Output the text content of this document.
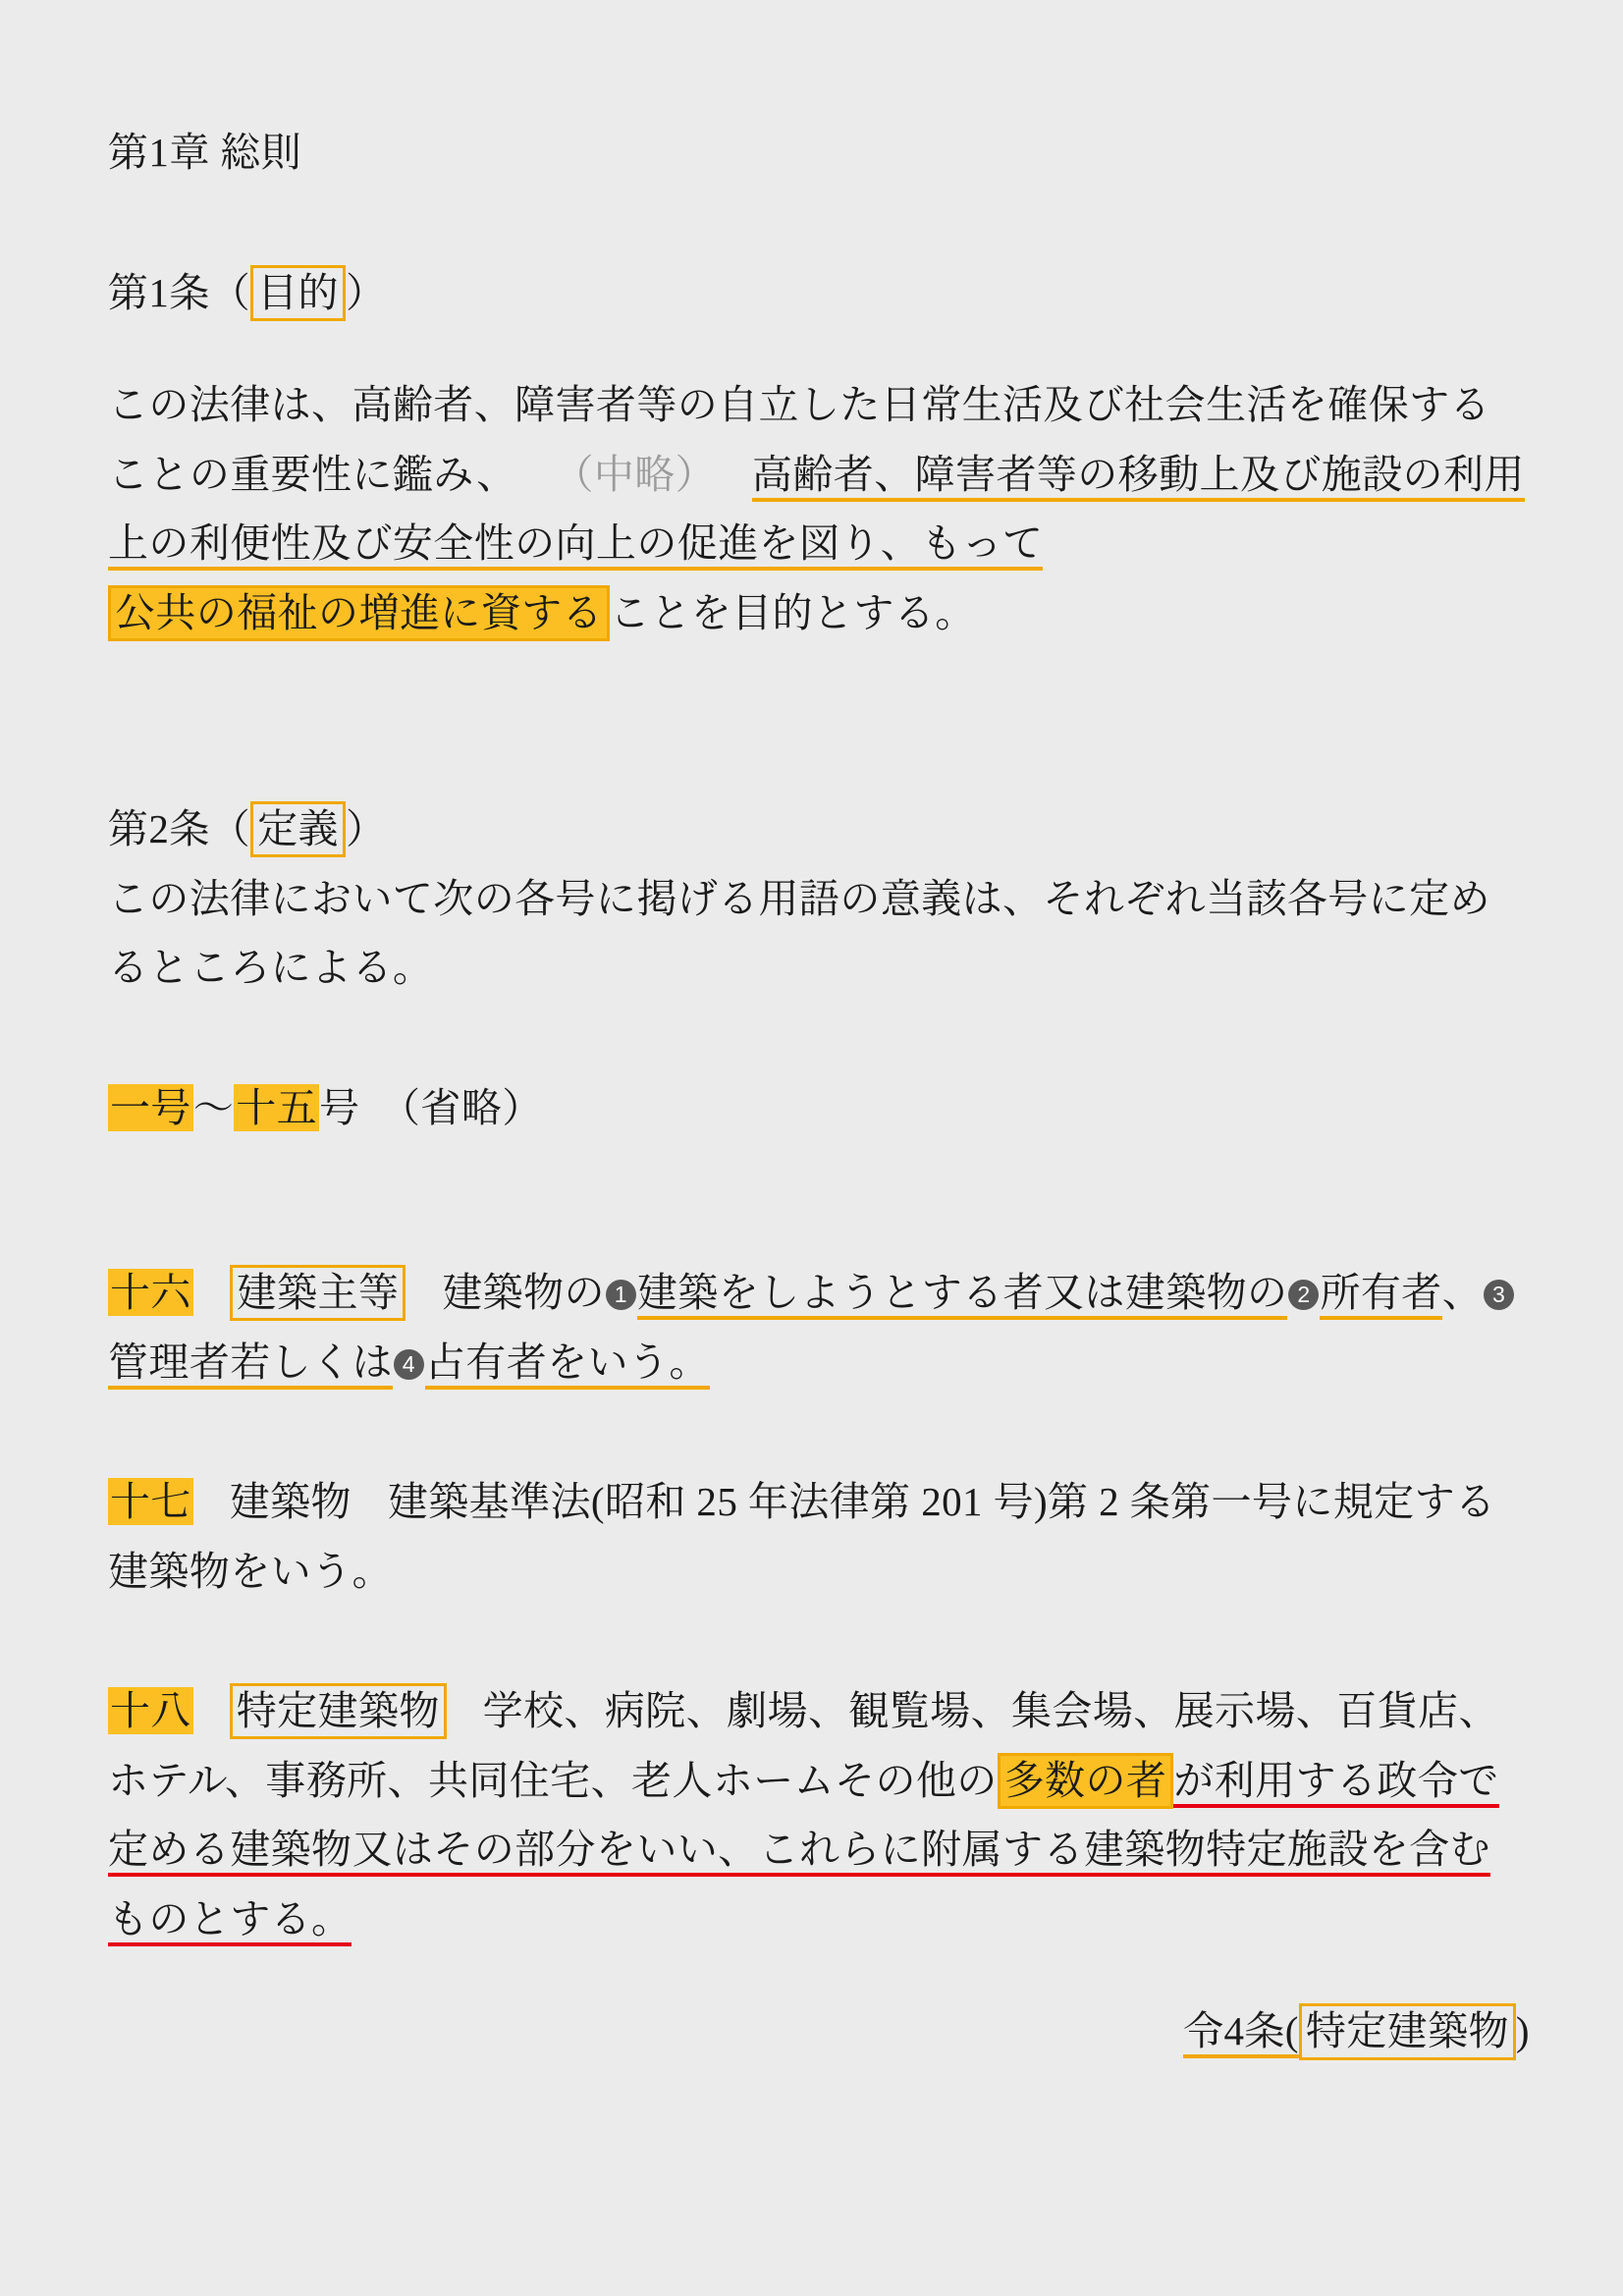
第1章 総則
第1条（ 目的 ）
この法律は、高齢者、障害者等の自立した日常生活及び社会生活を確保することの重要性に鑑み、 （中略） 高齢者、障害者等の移動上及び施設の利用上の利便性及び安全性の向上の促進を図り、もって公共の福祉の増進に資する ことを目的とする。
第2条（ 定義 ）
この法律において次の各号に掲げる用語の意義は、それぞれ当該各号に定めるところによる。
一号〜十五号 （省略）
十六 建築主等 建築物の 1 建築をしようとする者又は建築物の 2 所有者、 3管理者若しくは 4 占有者をいう。
十七 建築物 建築基準法(昭和 25 年法律第 201 号)第 2 条第一号に規定する建築物をいう。
十八 特定建築物 学校、病院、劇場、観覧場、集会場、展示場、百貨店、ホテル、事務所、共同住宅、老人ホームその他の 多数の者 が利用する政令で定める建築物又はその部分をいい、これらに附属する建築物特定施設を含むものとする。
令4条( 特定建築物 )
